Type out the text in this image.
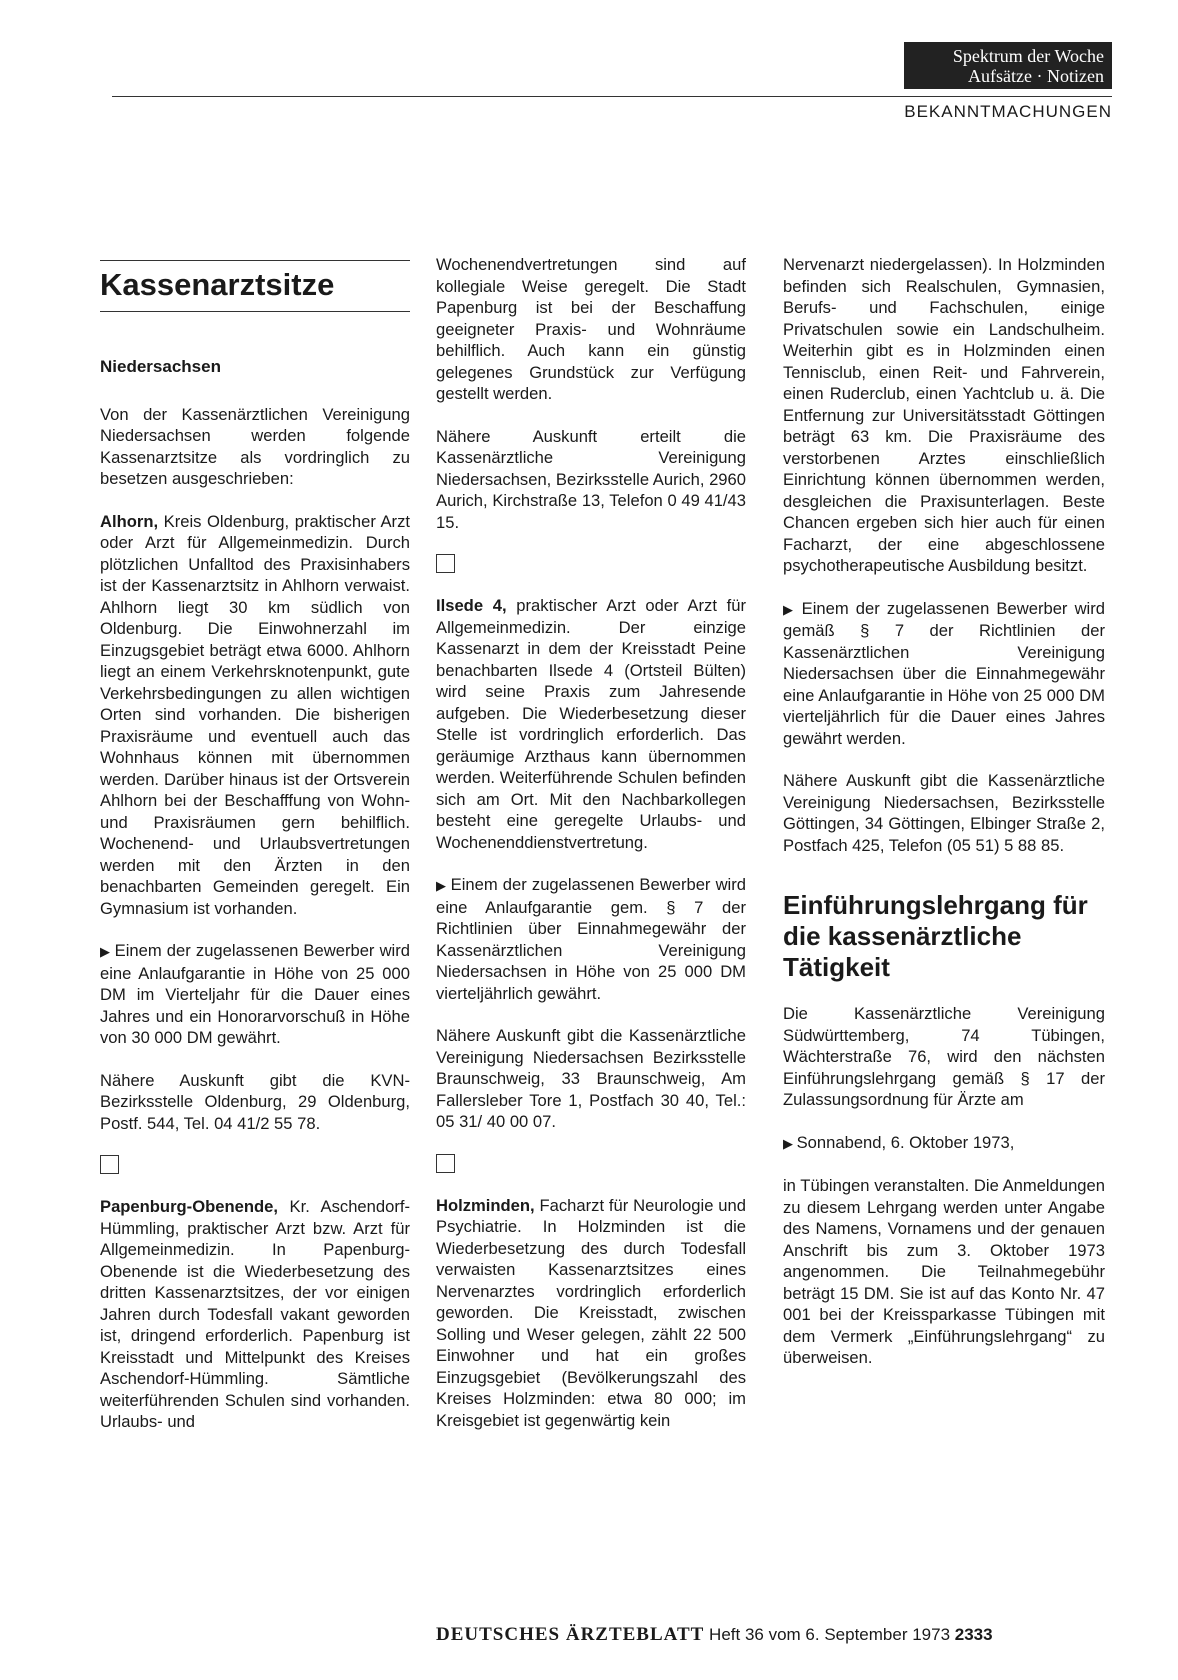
Spektrum der Woche
Aufsätze · Notizen
BEKANNTMACHUNGEN
Kassenarztsitze
Niedersachsen

Von der Kassenärztlichen Vereinigung Niedersachsen werden folgende Kassenarztsitze als vordringlich zu besetzen ausgeschrieben:

Alhorn, Kreis Oldenburg, praktischer Arzt oder Arzt für Allgemeinmedizin. Durch plötzlichen Unfalltod des Praxisinhabers ist der Kassenarztsitz in Ahlhorn verwaist. Ahlhorn liegt 30 km südlich von Oldenburg. Die Einwohnerzahl im Einzugsgebiet beträgt etwa 6000. Ahlhorn liegt an einem Verkehrsknotenpunkt, gute Verkehrsbedingungen zu allen wichtigen Orten sind vorhanden. Die bisherigen Praxisräume und eventuell auch das Wohnhaus können mit übernommen werden. Darüber hinaus ist der Ortsverein Ahlhorn bei der Beschafffung von Wohn- und Praxisräumen gern behilflich. Wochenend- und Urlaubsvertretungen werden mit den Ärzten in den benachbarten Gemeinden geregelt. Ein Gymnasium ist vorhanden.

▶ Einem der zugelassenen Bewerber wird eine Anlaufgarantie in Höhe von 25 000 DM im Vierteljahr für die Dauer eines Jahres und ein Honorarvorschuß in Höhe von 30 000 DM gewährt.

Nähere Auskunft gibt die KVN-Bezirksstelle Oldenburg, 29 Oldenburg, Postf. 544, Tel. 04 41/2 55 78.

Papenburg-Obenende, Kr. Aschendorf-Hümmling, praktischer Arzt bzw. Arzt für Allgemeinmedizin. In Papenburg-Obenende ist die Wiederbesetzung des dritten Kassenarztsitzes, der vor einigen Jahren durch Todesfall vakant geworden ist, dringend erforderlich. Papenburg ist Kreisstadt und Mittelpunkt des Kreises Aschendorf-Hümmling. Sämtliche weiterführenden Schulen sind vorhanden. Urlaubs- und

Wochenendvertretungen sind auf kollegiale Weise geregelt. Die Stadt Papenburg ist bei der Beschaffung geeigneter Praxis- und Wohnräume behilflich. Auch kann ein günstig gelegenes Grundstück zur Verfügung gestellt werden.

Nähere Auskunft erteilt die Kassenärztliche Vereinigung Niedersachsen, Bezirksstelle Aurich, 2960 Aurich, Kirchstraße 13, Telefon 0 49 41/43 15.

Ilsede 4, praktischer Arzt oder Arzt für Allgemeinmedizin. Der einzige Kassenarzt in dem der Kreisstadt Peine benachbarten Ilsede 4 (Ortsteil Bülten) wird seine Praxis zum Jahresende aufgeben. Die Wiederbesetzung dieser Stelle ist vordringlich erforderlich. Das geräumige Arzthaus kann übernommen werden. Weiterführende Schulen befinden sich am Ort. Mit den Nachbarkollegen besteht eine geregelte Urlaubs- und Wochenenddienstvertretung.

▶ Einem der zugelassenen Bewerber wird eine Anlaufgarantie gem. § 7 der Richtlinien über Einnahmegewähr der Kassenärztlichen Vereinigung Niedersachsen in Höhe von 25 000 DM vierteljährlich gewährt.

Nähere Auskunft gibt die Kassenärztliche Vereinigung Niedersachsen Bezirksstelle Braunschweig, 33 Braunschweig, Am Fallersleber Tore 1, Postfach 30 40, Tel.: 05 31/ 40 00 07.

Holzminden, Facharzt für Neurologie und Psychiatrie. In Holzminden ist die Wiederbesetzung des durch Todesfall verwaisten Kassenarztsitzes eines Nervenarztes vordringlich erforderlich geworden. Die Kreisstadt, zwischen Solling und Weser gelegen, zählt 22 500 Einwohner und hat ein großes Einzugsgebiet (Bevölkerungszahl des Kreises Holzminden: etwa 80 000; im Kreisgebiet ist gegenwärtig kein

Nervenarzt niedergelassen). In Holzminden befinden sich Realschulen, Gymnasien, Berufs- und Fachschulen, einige Privatschulen sowie ein Landschulheim. Weiterhin gibt es in Holzminden einen Tennisclub, einen Reit- und Fahrverein, einen Ruderclub, einen Yachtclub u. ä. Die Entfernung zur Universitätsstadt Göttingen beträgt 63 km. Die Praxisräume des verstorbenen Arztes einschließlich Einrichtung können übernommen werden, desgleichen die Praxisunterlagen. Beste Chancen ergeben sich hier auch für einen Facharzt, der eine abgeschlossene psychotherapeutische Ausbildung besitzt.

▶ Einem der zugelassenen Bewerber wird gemäß § 7 der Richtlinien der Kassenärztlichen Vereinigung Niedersachsen über die Einnahmegewähr eine Anlaufgarantie in Höhe von 25 000 DM vierteljährlich für die Dauer eines Jahres gewährt werden.

Nähere Auskunft gibt die Kassenärztliche Vereinigung Niedersachsen, Bezirksstelle Göttingen, 34 Göttingen, Elbinger Straße 2, Postfach 425, Telefon (05 51) 5 88 85.

Einführungslehrgang für die kassenärztliche Tätigkeit

Die Kassenärztliche Vereinigung Südwürttemberg, 74 Tübingen, Wächterstraße 76, wird den nächsten Einführungslehrgang gemäß § 17 der Zulassungsordnung für Ärzte am

▶ Sonnabend, 6. Oktober 1973,

in Tübingen veranstalten. Die Anmeldungen zu diesem Lehrgang werden unter Angabe des Namens, Vornamens und der genauen Anschrift bis zum 3. Oktober 1973 angenommen. Die Teilnahmegebühr beträgt 15 DM. Sie ist auf das Konto Nr. 47 001 bei der Kreissparkasse Tübingen mit dem Vermerk „Einführungslehrgang“ zu überweisen.

DEUTSCHES ÄRZTEBLATT Heft 36 vom 6. September 1973 2333
